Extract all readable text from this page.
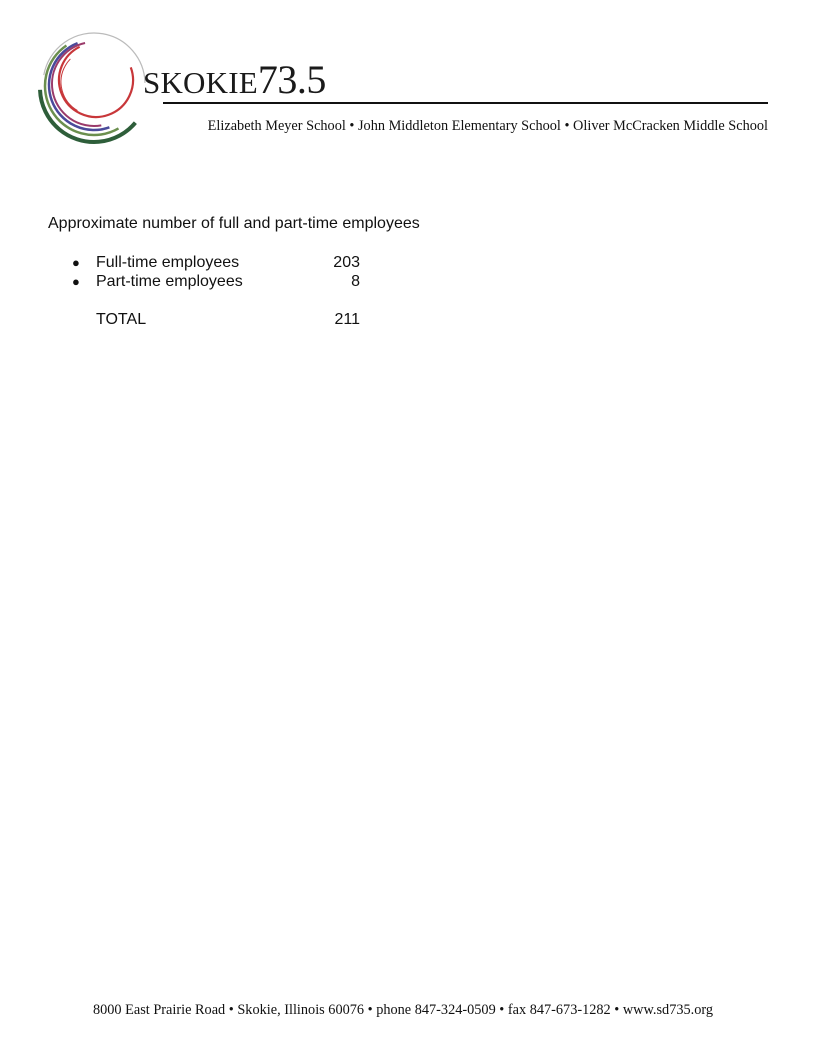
SKOKIE73.5
Elizabeth Meyer School • John Middleton Elementary School • Oliver McCracken Middle School
Approximate number of full and part-time employees
● Full-time employees	203
● Part-time employees	8
TOTAL	211
8000 East Prairie Road • Skokie, Illinois 60076 • phone 847-324-0509 • fax 847-673-1282 • www.sd735.org
